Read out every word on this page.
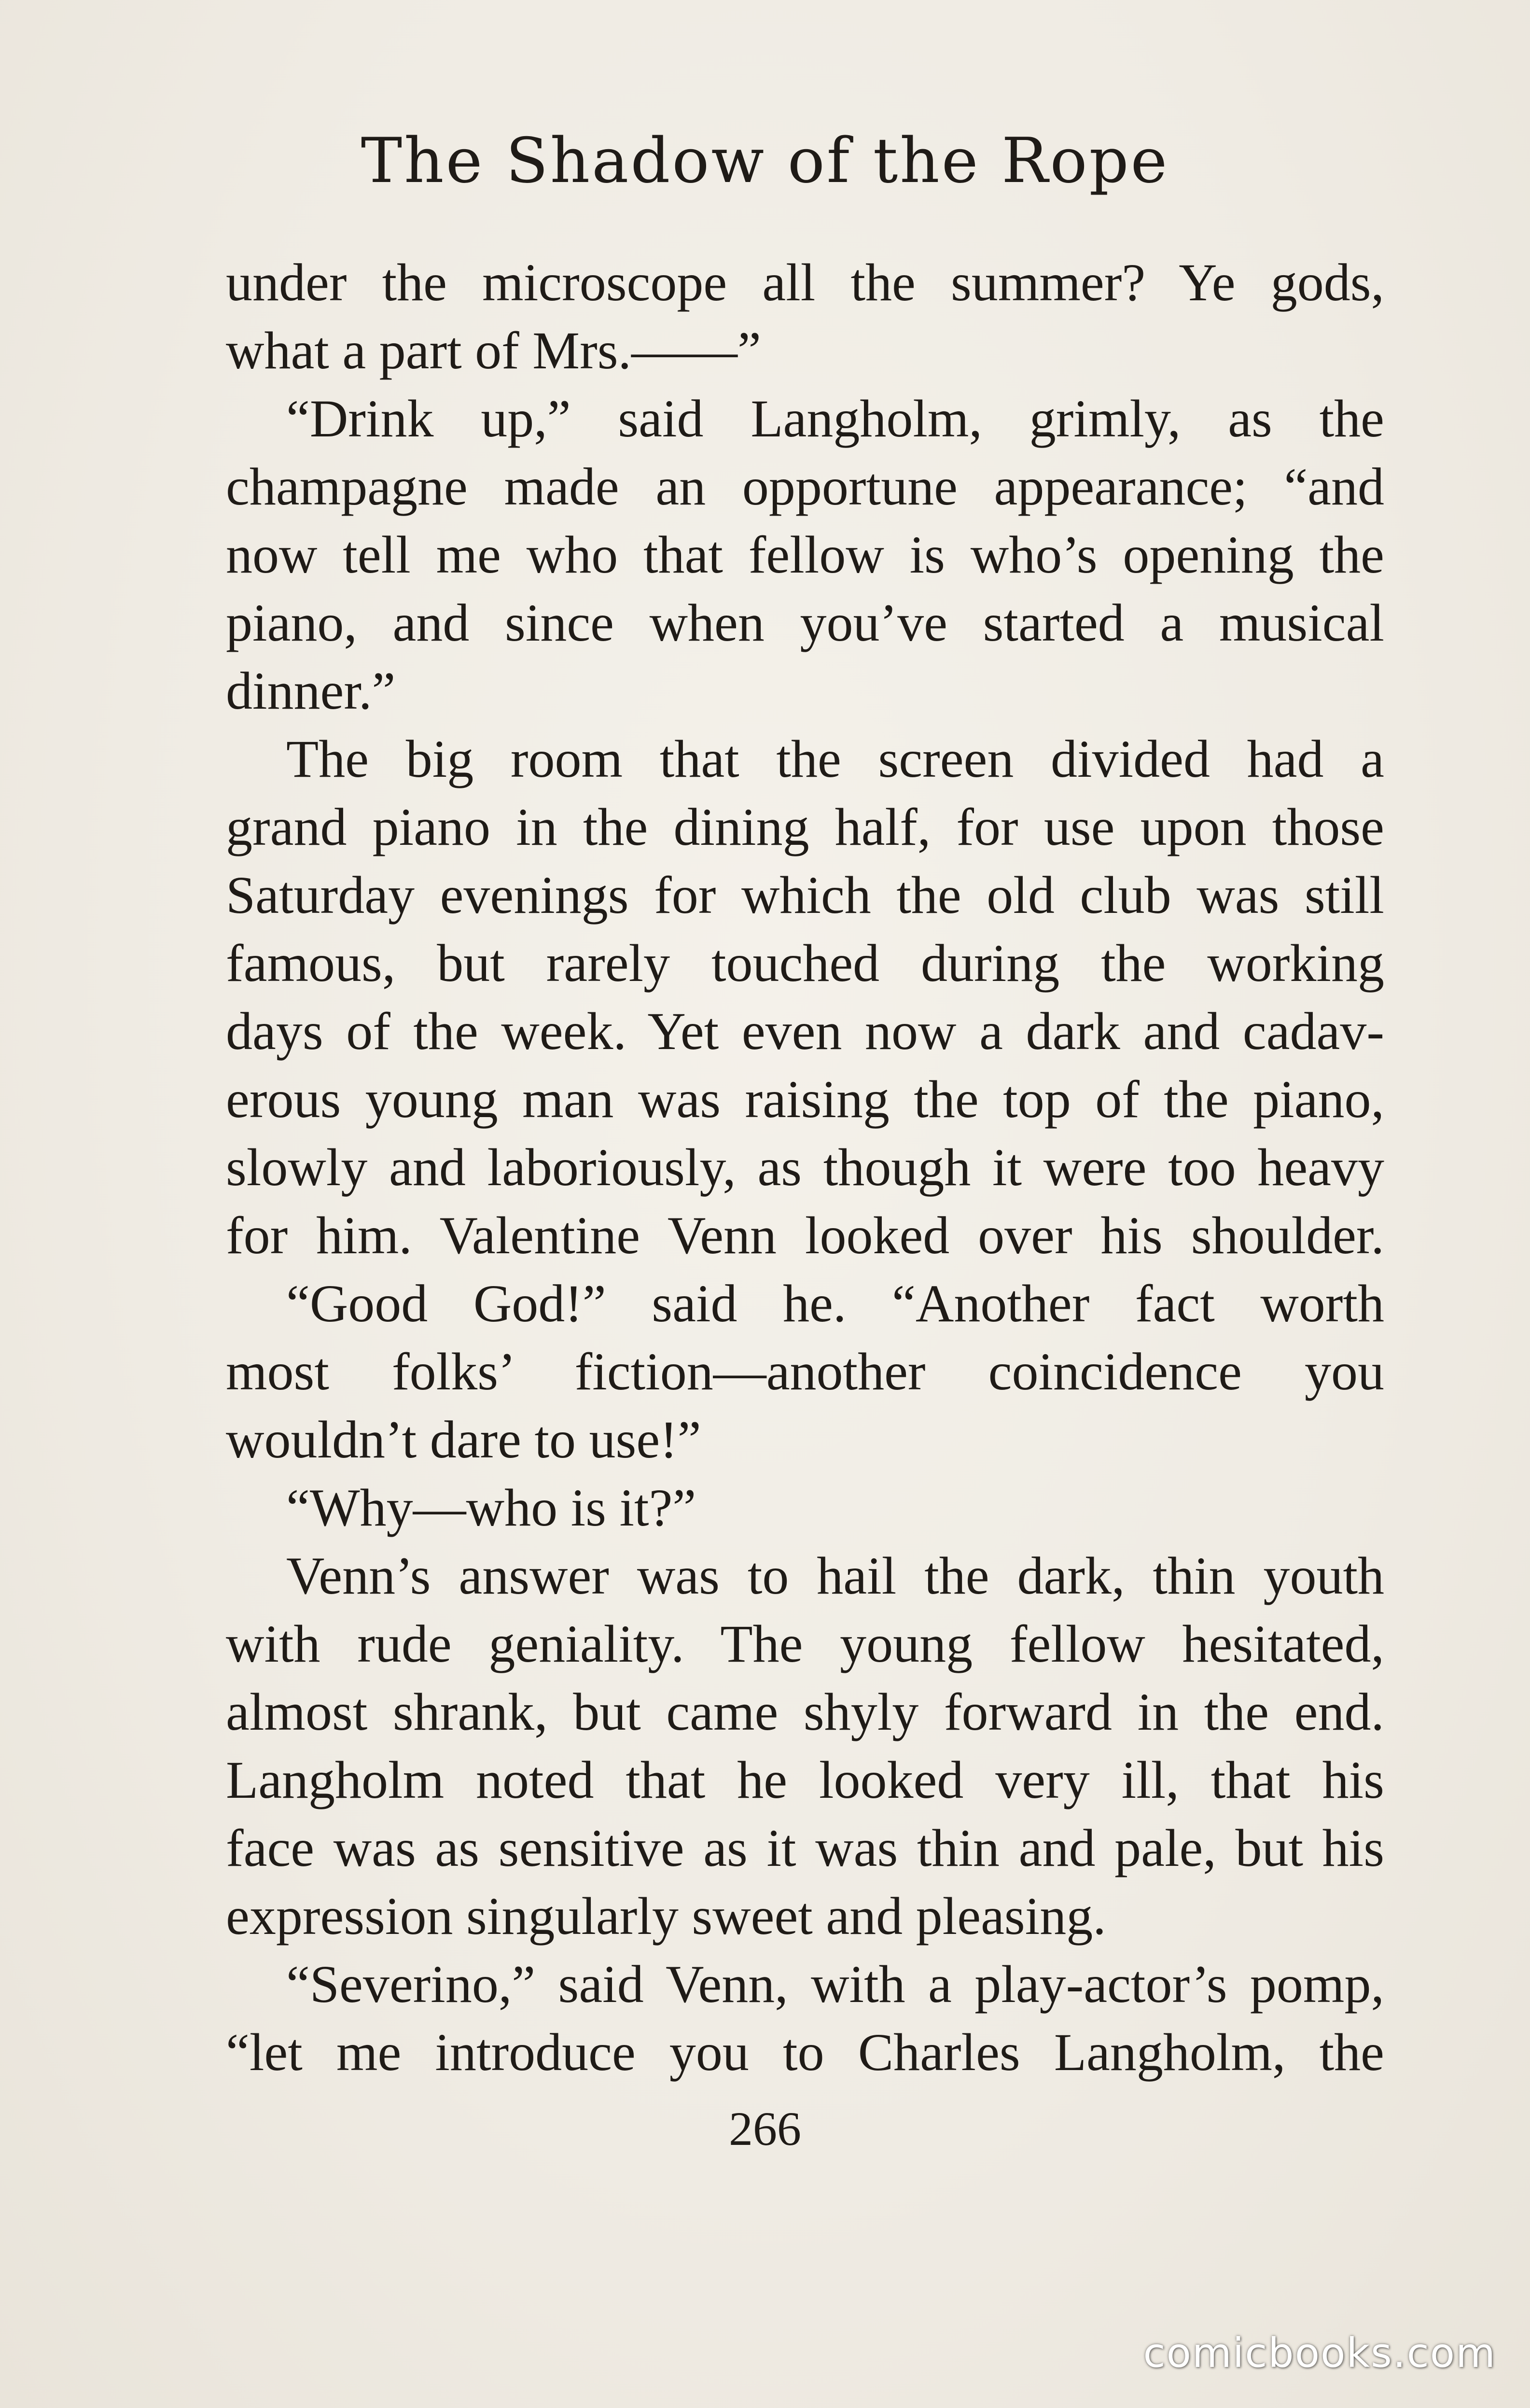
The Shadow of the Rope
under the microscope all the summer? Ye gods,
what a part of Mrs.——”
“Drink up,” said Langholm, grimly, as the
champagne made an opportune appearance; “and
now tell me who that fellow is who’s opening the
piano, and since when you’ve started a musical
dinner.”
The big room that the screen divided had a
grand piano in the dining half, for use upon those
Saturday evenings for which the old club was still
famous, but rarely touched during the working
days of the week. Yet even now a dark and cadav-
erous young man was raising the top of the piano,
slowly and laboriously, as though it were too heavy
for him. Valentine Venn looked over his shoulder.
“Good God!” said he. “Another fact worth
most folks’ fiction—another coincidence you
wouldn’t dare to use!”
“Why—who is it?”
Venn’s answer was to hail the dark, thin youth
with rude geniality. The young fellow hesitated,
almost shrank, but came shyly forward in the end.
Langholm noted that he looked very ill, that his
face was as sensitive as it was thin and pale, but his
expression singularly sweet and pleasing.
“Severino,” said Venn, with a play-actor’s pomp,
“let me introduce you to Charles Langholm, the
266
comicbooks.com
